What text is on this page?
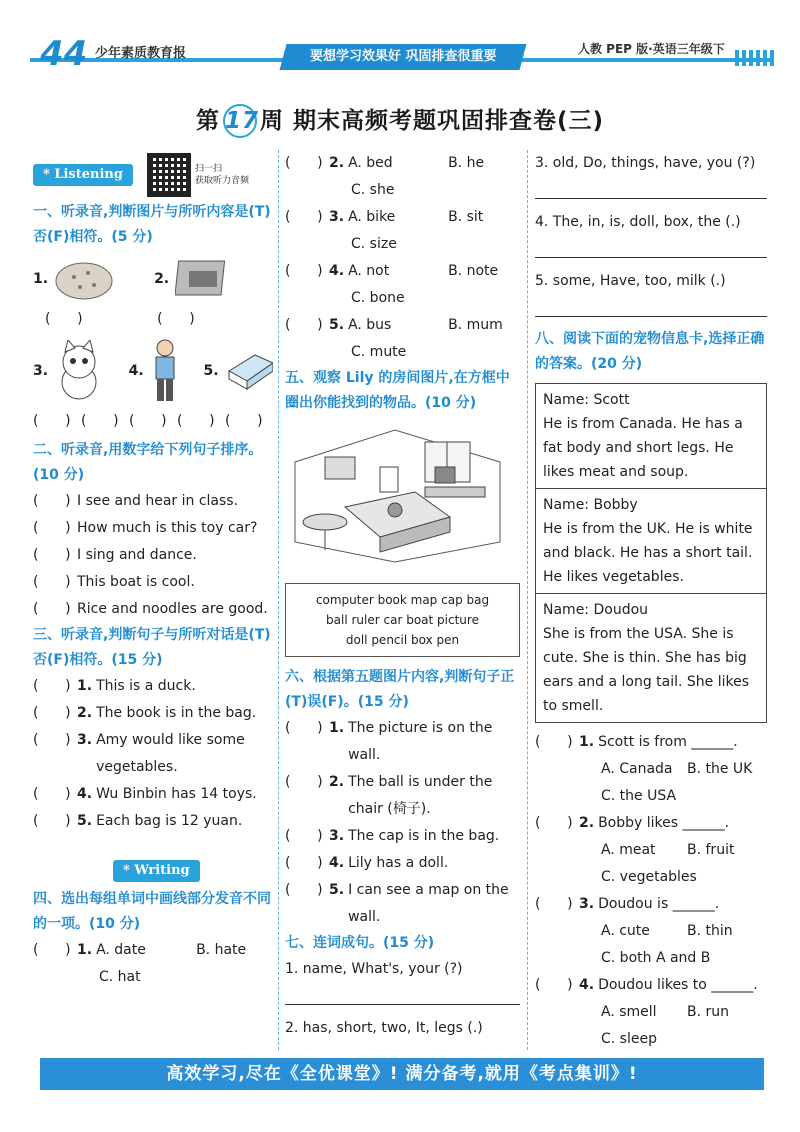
44 少年素质教育报	要想学习效果好 巩固排查很重要	人教 PEP 版·英语三年级下
第 17周 期末高频考题巩固排查卷(三)
* Listening	扫一扫
获取听力音频
一、听录音,判断图片与所听内容是(T)否(F)相符。(5 分)
1.	2.
(      )	(      )
3.	4.	5.
(      ) (      ) (      ) (      ) (      )
二、听录音,用数字给下列句子排序。(10 分)
(      ) I see and hear in class.
(      ) How much is this toy car?
(      ) I sing and dance.
(      ) This boat is cool.
(      ) Rice and noodles are good.
三、听录音,判断句子与所听对话是(T)否(F)相符。(15 分)
(      ) 1. This is a duck.
(      ) 2. The book is in the bag.
(      ) 3. Amy would like some vegetables.
(      ) 4. Wu Binbin has 14 toys.
(      ) 5. Each bag is 12 yuan.
* Writing
四、选出每组单词中画线部分发音不同的一项。(10 分)
(      ) 1. A. date	B. hate
C. hat
(      ) 2. A. bed	B. he
C. she
(      ) 3. A. bike	B. sit
C. size
(      ) 4. A. not	B. note
C. bone
(      ) 5. A. bus	B. mum
C. mute
五、观察 Lily 的房间图片,在方框中圈出你能找到的物品。(10 分)
computer book map cap bag
ball ruler car boat picture
doll pencil box pen
六、根据第五题图片内容,判断句子正(T)误(F)。(15 分)
(      ) 1. The picture is on the wall.
(      ) 2. The ball is under the chair (椅子).
(      ) 3. The cap is in the bag.
(      ) 4. Lily has a doll.
(      ) 5. I can see a map on the wall.
七、连词成句。(15 分)
1. name, What's, your (?)
2. has, short, two, It, legs (.)
3. old, Do, things, have, you (?)
4. The, in, is, doll, box, the (.)
5. some, Have, too, milk (.)
八、阅读下面的宠物信息卡,选择正确的答案。(20 分)
Name: Scott
He is from Canada. He has a fat body and short legs. He likes meat and soup.
Name: Bobby
He is from the UK. He is white and black. He has a short tail. He likes vegetables.
Name: Doudou
She is from the USA. She is cute. She is thin. She has big ears and a long tail. She likes to smell.
(      ) 1. Scott is from ______.
A. Canada B. the UK
C. the USA
(      ) 2. Bobby likes ______.
A. meat B. fruit
C. vegetables
(      ) 3. Doudou is ______.
A. cute	B. thin
C. both A and B
(      ) 4. Doudou likes to ______.
A. smell B. run
C. sleep
高效学习,尽在《全优课堂》! 满分备考,就用《考点集训》!
